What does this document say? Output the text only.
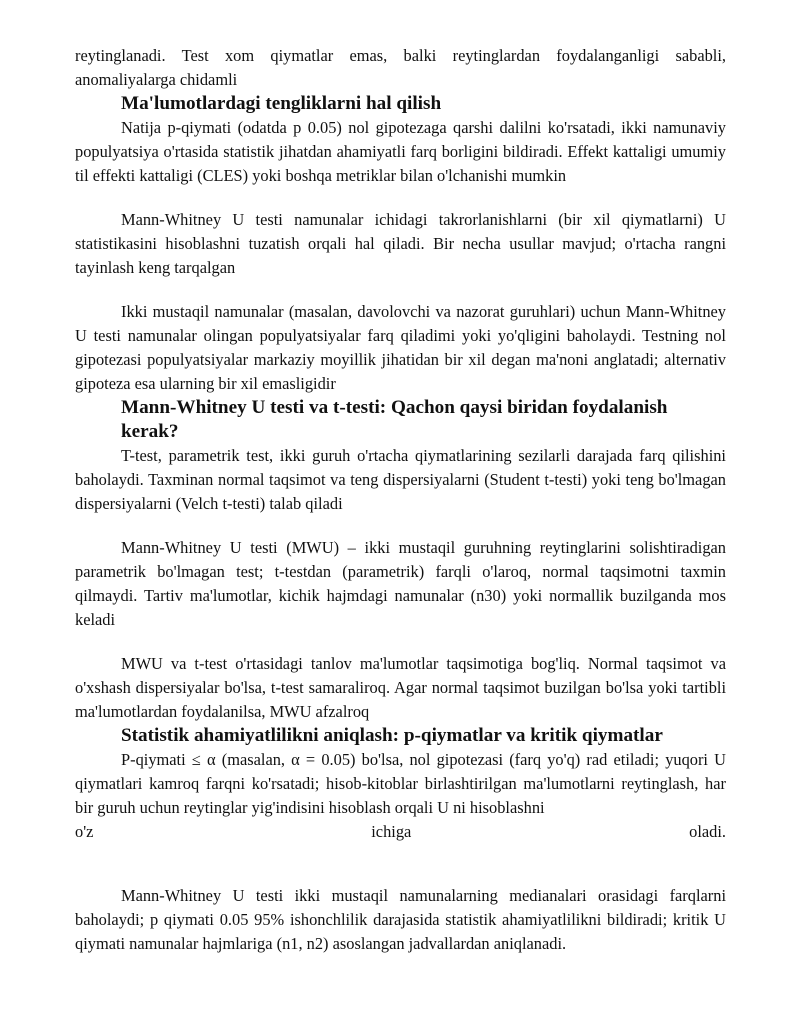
reytinglanadi. Test xom qiymatlar emas, balki reytinglardan foydalanganligi sababli, anomaliyalarga chidamli

Ma'lumotlardagi tengliklarni hal qilish

Natija p-qiymati (odatda p 0.05) nol gipotezaga qarshi dalilni ko'rsatadi, ikki namunaviy populyatsiya o'rtasida statistik jihatdan ahamiyatli farq borligini bildiradi. Effekt kattaligi umumiy til effekti kattaligi (CLES) yoki boshqa metriklar bilan o'lchanishi mumkin

Mann-Whitney U testi namunalar ichidagi takrorlanishlarni (bir xil qiymatlarni) U statistikasini hisoblashni tuzatish orqali hal qiladi. Bir necha usullar mavjud; o'rtacha rangni tayinlash keng tarqalgan

Ikki mustaqil namunalar (masalan, davolovchi va nazorat guruhlari) uchun Mann-Whitney U testi namunalar olingan populyatsiyalar farq qiladimi yoki yo'qligini baholaydi. Testning nol gipotezasi populyatsiyalar markaziy moyillik jihatidan bir xil degan ma'noni anglatadi; alternativ gipoteza esa ularning bir xil emasligidir

Mann-Whitney U testi va t-testi: Qachon qaysi biridan foydalanish kerak?

T-test, parametrik test, ikki guruh o'rtacha qiymatlarining sezilarli darajada farq qilishini baholaydi. Taxminan normal taqsimot va teng dispersiyalarni (Student t-testi) yoki teng bo'lmagan dispersiyalarni (Velch t-testi) talab qiladi

Mann-Whitney U testi (MWU) – ikki mustaqil guruhning reytinglarini solishtiradigan parametrik bo'lmagan test; t-testdan (parametrik) farqli o'laroq, normal taqsimotni taxmin qilmaydi. Tartiv ma'lumotlar, kichik hajmdagi namunalar (n30) yoki normallik buzilganda mos keladi

MWU va t-test o'rtasidagi tanlov ma'lumotlar taqsimotiga bog'liq. Normal taqsimot va o'xshash dispersiyalar bo'lsa, t-test samaraliroq. Agar normal taqsimot buzilgan bo'lsa yoki tartibli ma'lumotlardan foydalanilsa, MWU afzalroq

Statistik ahamiyatlilikni aniqlash: p-qiymatlar va kritik qiymatlar

P-qiymati ≤ α (masalan, α = 0.05) bo'lsa, nol gipotezasi (farq yo'q) rad etiladi; yuqori U qiymatlari kamroq farqni ko'rsatadi; hisob-kitoblar birlashtirilgan ma'lumotlarni reytinglash, har bir guruh uchun reytinglar yig'indisini hisoblash orqali U ni hisoblashni

o'z	ichiga	oladi.

Mann-Whitney U testi ikki mustaqil namunalarning medianalari orasidagi farqlarni baholaydi; p qiymati 0.05 95% ishonchlilik darajasida statistik ahamiyatlilikni bildiradi; kritik U qiymati namunalar hajmlariga (n1, n2) asoslangan jadvallardan aniqlanadi.
